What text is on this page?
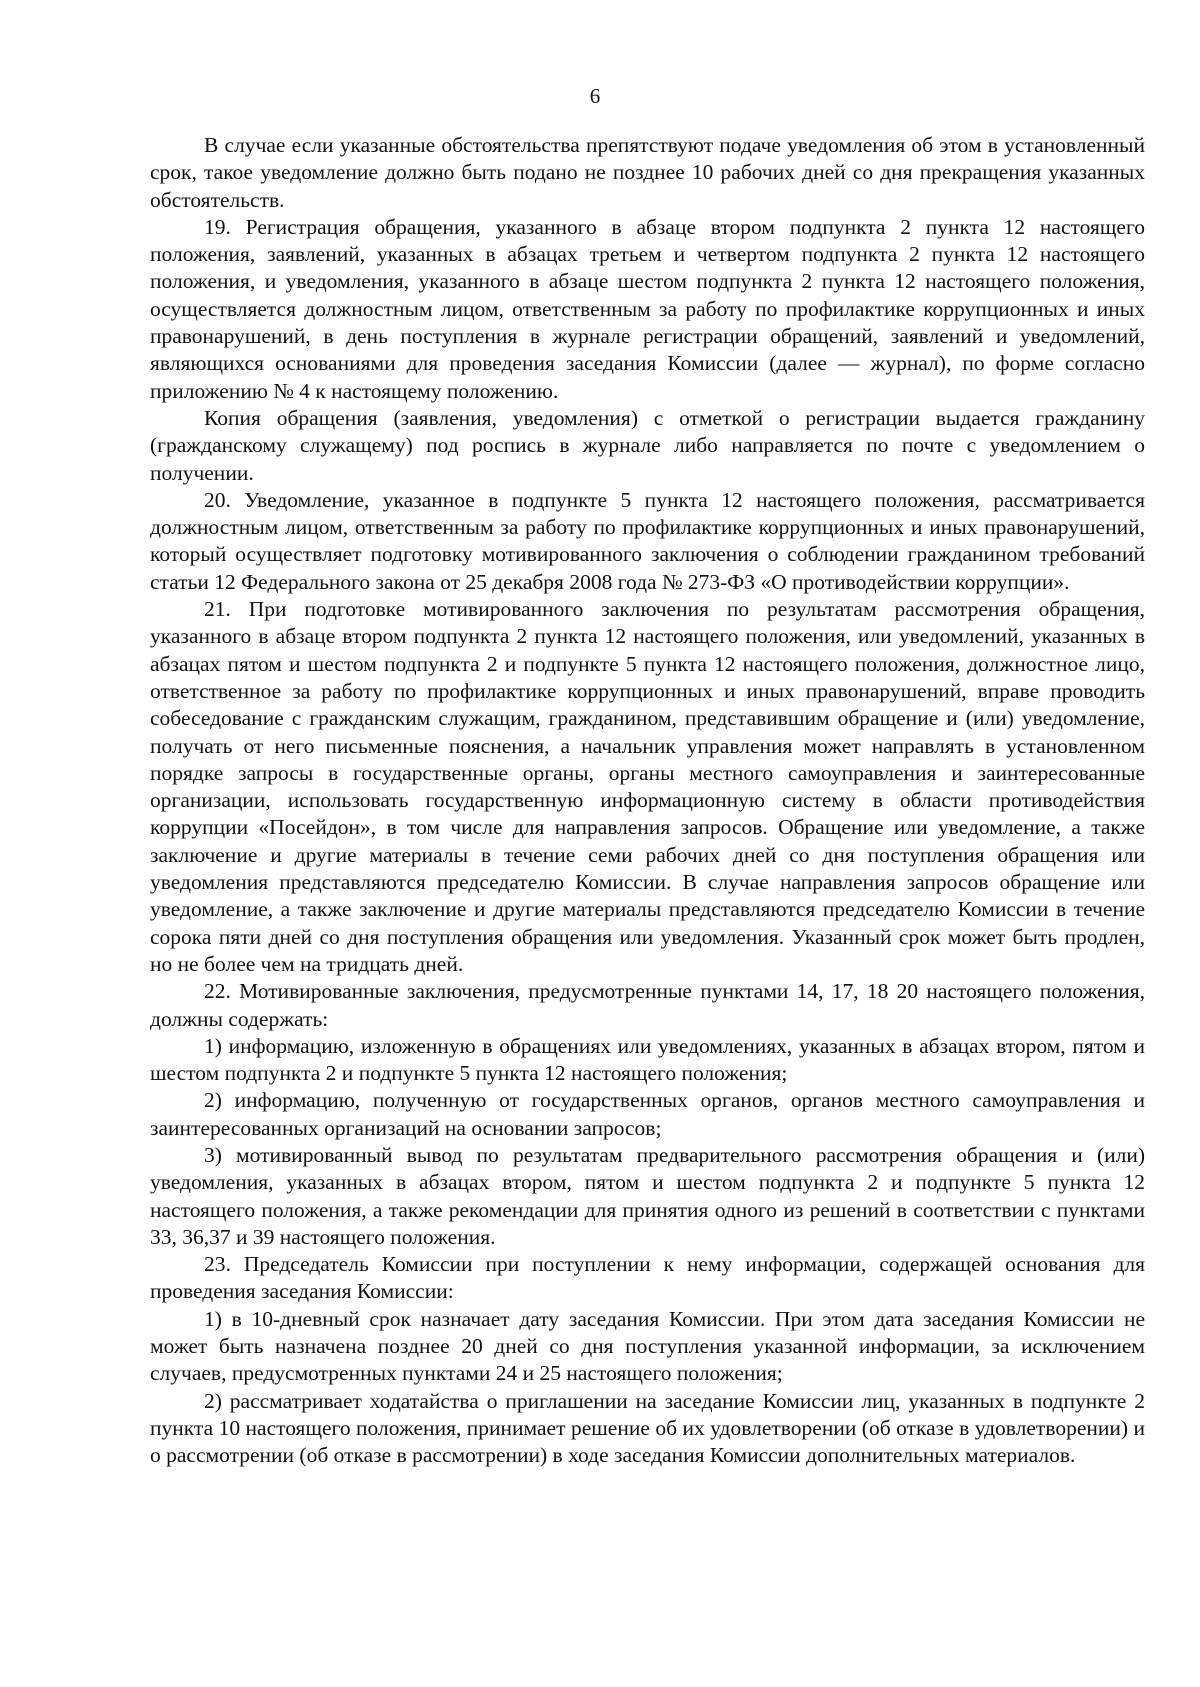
6

В случае если указанные обстоятельства препятствуют подаче уведомления об этом в установленный срок, такое уведомление должно быть подано не позднее 10 рабочих дней со дня прекращения указанных обстоятельств.

19. Регистрация обращения, указанного в абзаце втором подпункта 2 пункта 12 настоящего положения, заявлений, указанных в абзацах третьем и четвертом подпункта 2 пункта 12 настоящего положения, и уведомления, указанного в абзаце шестом подпункта 2 пункта 12 настоящего положения, осуществляется должностным лицом, ответственным за работу по профилактике коррупционных и иных правонарушений, в день поступления в журнале регистрации обращений, заявлений и уведомлений, являющихся основаниями для проведения заседания Комиссии (далее — журнал), по форме согласно приложению № 4 к настоящему положению.

Копия обращения (заявления, уведомления) с отметкой о регистрации выдается гражданину (гражданскому служащему) под роспись в журнале либо направляется по почте с уведомлением о получении.

20. Уведомление, указанное в подпункте 5 пункта 12 настоящего положения, рассматривается должностным лицом, ответственным за работу по профилактике коррупционных и иных правонарушений, который осуществляет подготовку мотивированного заключения о соблюдении гражданином требований статьи 12 Федерального закона от 25 декабря 2008 года № 273-ФЗ «О противодействии коррупции».

21. При подготовке мотивированного заключения по результатам рассмотрения обращения, указанного в абзаце втором подпункта 2 пункта 12 настоящего положения, или уведомлений, указанных в абзацах пятом и шестом подпункта 2 и подпункте 5 пункта 12 настоящего положения, должностное лицо, ответственное за работу по профилактике коррупционных и иных правонарушений, вправе проводить собеседование с гражданским служащим, гражданином, представившим обращение и (или) уведомление, получать от него письменные пояснения, а начальник управления может направлять в установленном порядке запросы в государственные органы, органы местного самоуправления и заинтересованные организации, использовать государственную информационную систему в области противодействия коррупции «Посейдон», в том числе для направления запросов. Обращение или уведомление, а также заключение и другие материалы в течение семи рабочих дней со дня поступления обращения или уведомления представляются председателю Комиссии. В случае направления запросов обращение или уведомление, а также заключение и другие материалы представляются председателю Комиссии в течение сорока пяти дней со дня поступления обращения или уведомления. Указанный срок может быть продлен, но не более чем на тридцать дней.

22. Мотивированные заключения, предусмотренные пунктами 14, 17, 18 20 настоящего положения, должны содержать:

1) информацию, изложенную в обращениях или уведомлениях, указанных в абзацах втором, пятом и шестом подпункта 2 и подпункте 5 пункта 12 настоящего положения;

2) информацию, полученную от государственных органов, органов местного самоуправления и заинтересованных организаций на основании запросов;

3) мотивированный вывод по результатам предварительного рассмотрения обращения и (или) уведомления, указанных в абзацах втором, пятом и шестом подпункта 2 и подпункте 5 пункта 12 настоящего положения, а также рекомендации для принятия одного из решений в соответствии с пунктами 33, 36,37 и 39 настоящего положения.

23. Председатель Комиссии при поступлении к нему информации, содержащей основания для проведения заседания Комиссии:

1) в 10-дневный срок назначает дату заседания Комиссии. При этом дата заседания Комиссии не может быть назначена позднее 20 дней со дня поступления указанной информации, за исключением случаев, предусмотренных пунктами 24 и 25 настоящего положения;

2) рассматривает ходатайства о приглашении на заседание Комиссии лиц, указанных в подпункте 2 пункта 10 настоящего положения, принимает решение об их удовлетворении (об отказе в удовлетворении) и о рассмотрении (об отказе в рассмотрении) в ходе заседания Комиссии дополнительных материалов.
